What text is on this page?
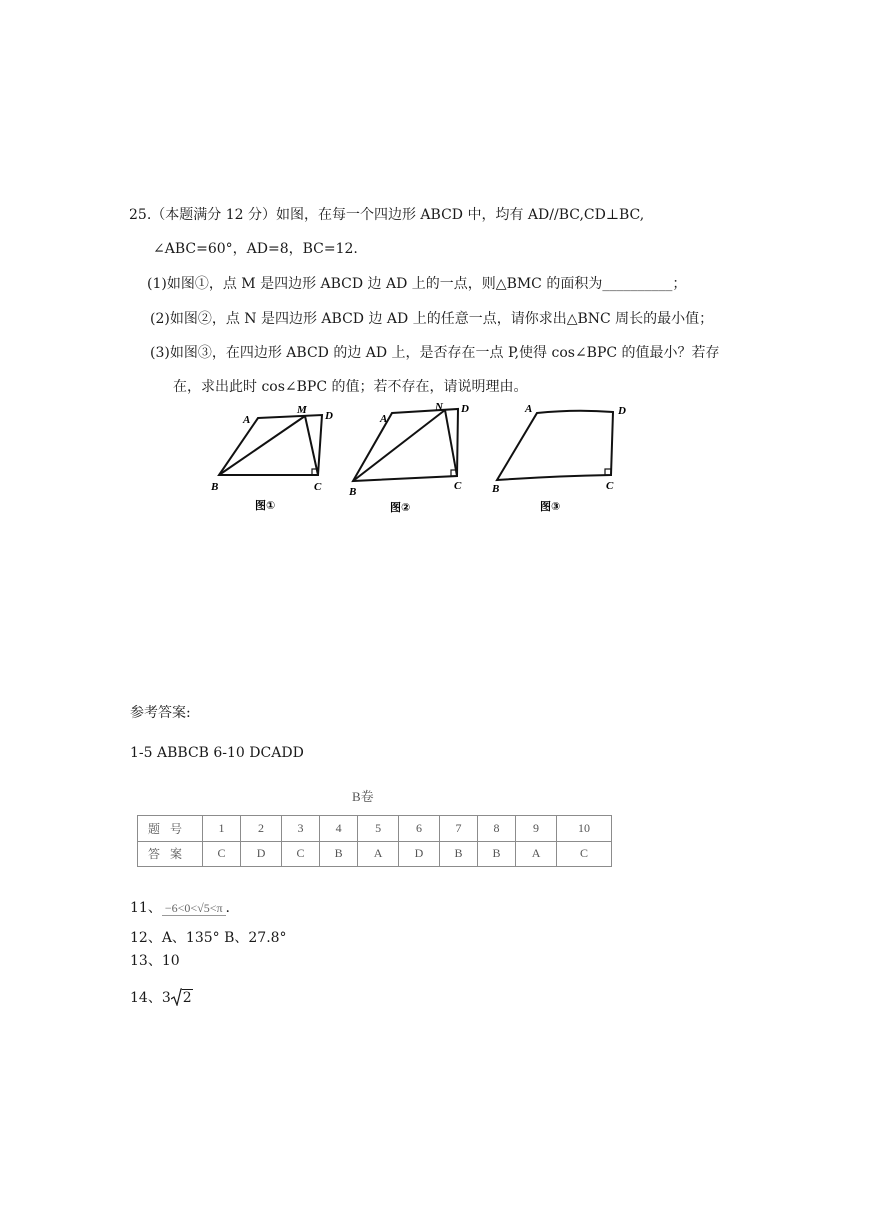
25.（本题满分 12 分）如图，在每一个四边形 ABCD 中，均有 AD//BC,CD⊥BC,
∠ABC=60°，AD=8，BC=12.
(1)如图①，点 M 是四边形 ABCD 边 AD 上的一点，则△BMC 的面积为__________；
(2)如图②，点 N 是四边形 ABCD 边 AD 上的任意一点，请你求出△BNC 周长的最小值；
(3)如图③，在四边形 ABCD 的边 AD 上，是否存在一点 P,使得 cos∠BPC 的值最小？若存
在，求出此时 cos∠BPC 的值；若不存在，请说明理由。
A
M D
B	C
图①
A
N D
B	C
图②
A	D
B	C
图③
参考答案:
1-5 ABBCB 6-10 DCADD
B卷
题号	1	2	3	4	5	6	7	8	9	10
答案	C	D	C	B	A	D	B	B	A	C
11、 −6<0<√5<π .
12、A、135° B、27.8°
13、10
14、3 2
